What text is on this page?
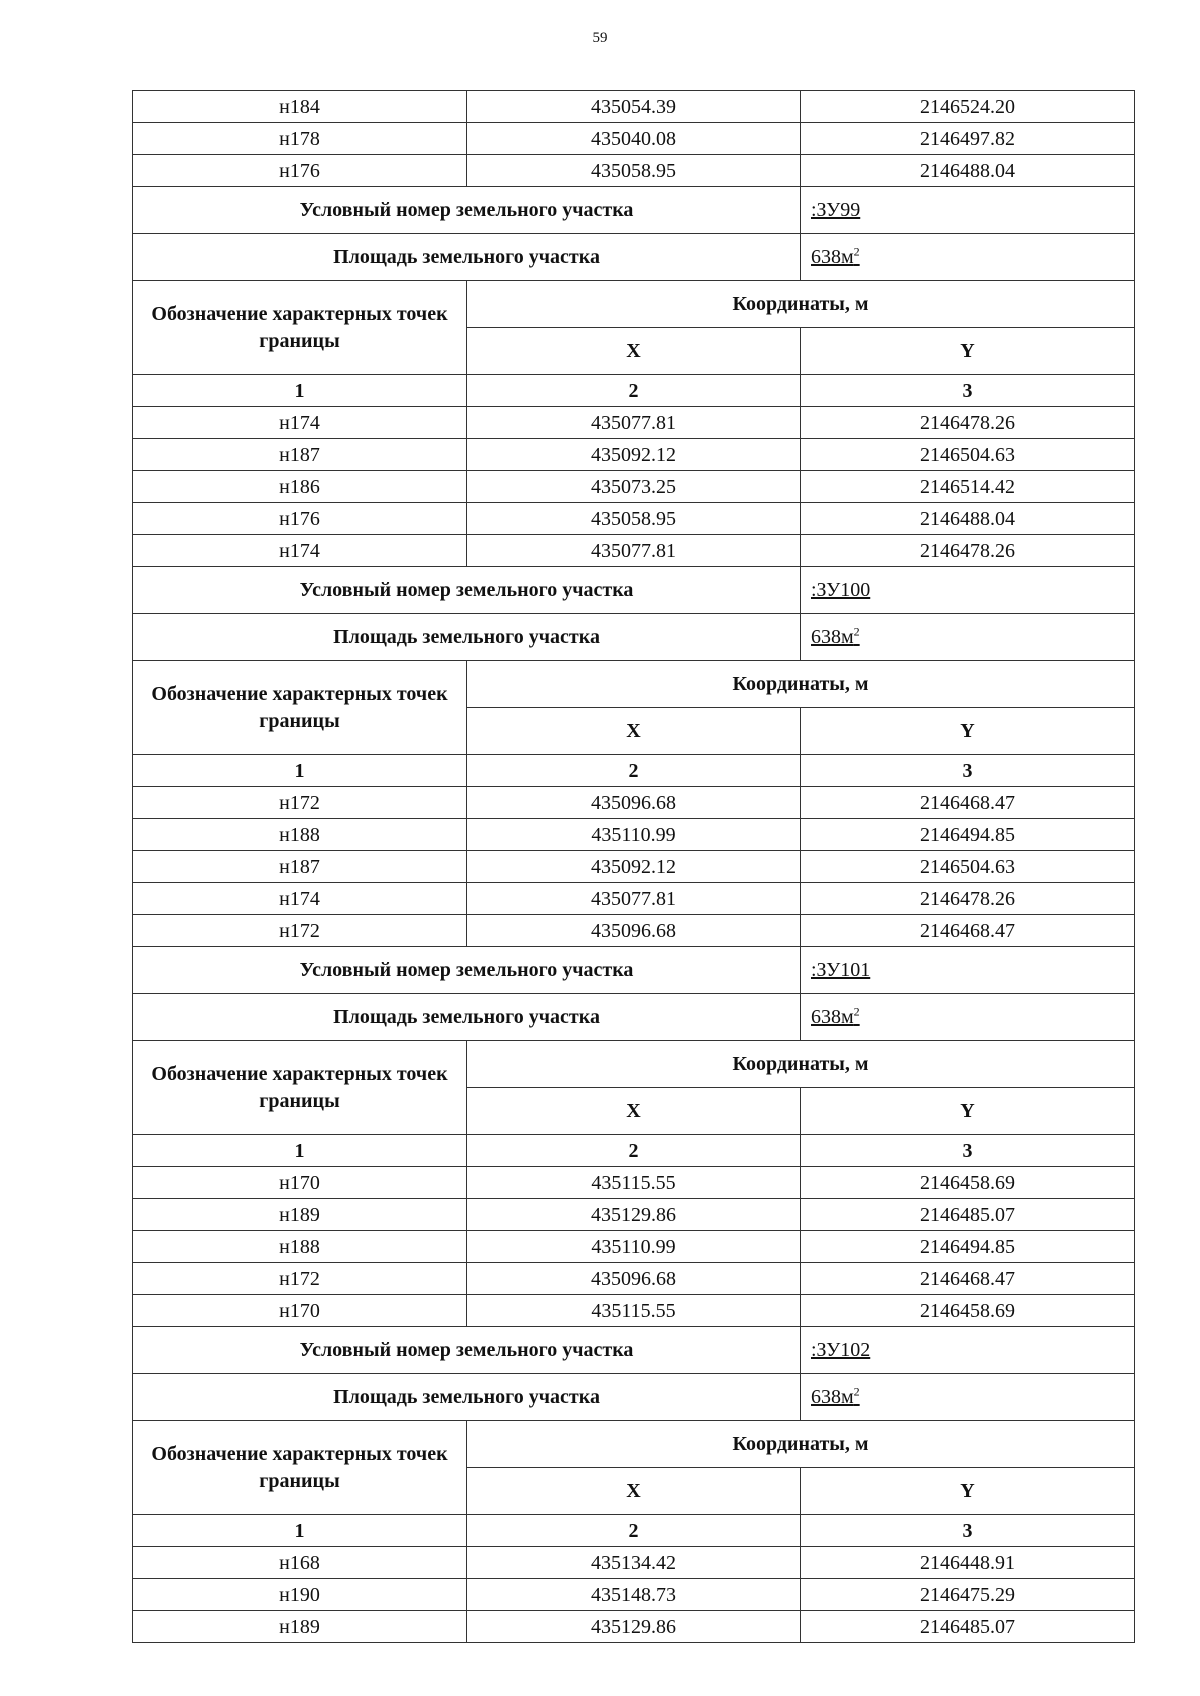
59
н184	435054.39	2146524.20
н178	435040.08	2146497.82
н176	435058.95	2146488.04
Условный номер земельного участка		:ЗУ99
Площадь земельного участка		$638м^2$
Обозначение характерных точек границы	Координаты, м	
	X	Y
1	2	3
н174	435077.81	2146478.26
н187	435092.12	2146504.63
н186	435073.25	2146514.42
н176	435058.95	2146488.04
н174	435077.81	2146478.26
Условный номер земельного участка		:ЗУ100
Площадь земельного участка		$638м^2$
Обозначение характерных точек границы	Координаты, м	
	X	Y
1	2	3
н172	435096.68	2146468.47
н188	435110.99	2146494.85
н187	435092.12	2146504.63
н174	435077.81	2146478.26
н172	435096.68	2146468.47
Условный номер земельного участка		:ЗУ101
Площадь земельного участка		$638м^2$
Обозначение характерных точек границы	Координаты, м	
	X	Y
1	2	3
н170	435115.55	2146458.69
н189	435129.86	2146485.07
н188	435110.99	2146494.85
н172	435096.68	2146468.47
н170	435115.55	2146458.69
Условный номер земельного участка		:ЗУ102
Площадь земельного участка		$638м^2$
Обозначение характерных точек границы	Координаты, м	
	X	Y
1	2	3
н168	435134.42	2146448.91
н190	435148.73	2146475.29
н189	435129.86	2146485.07
